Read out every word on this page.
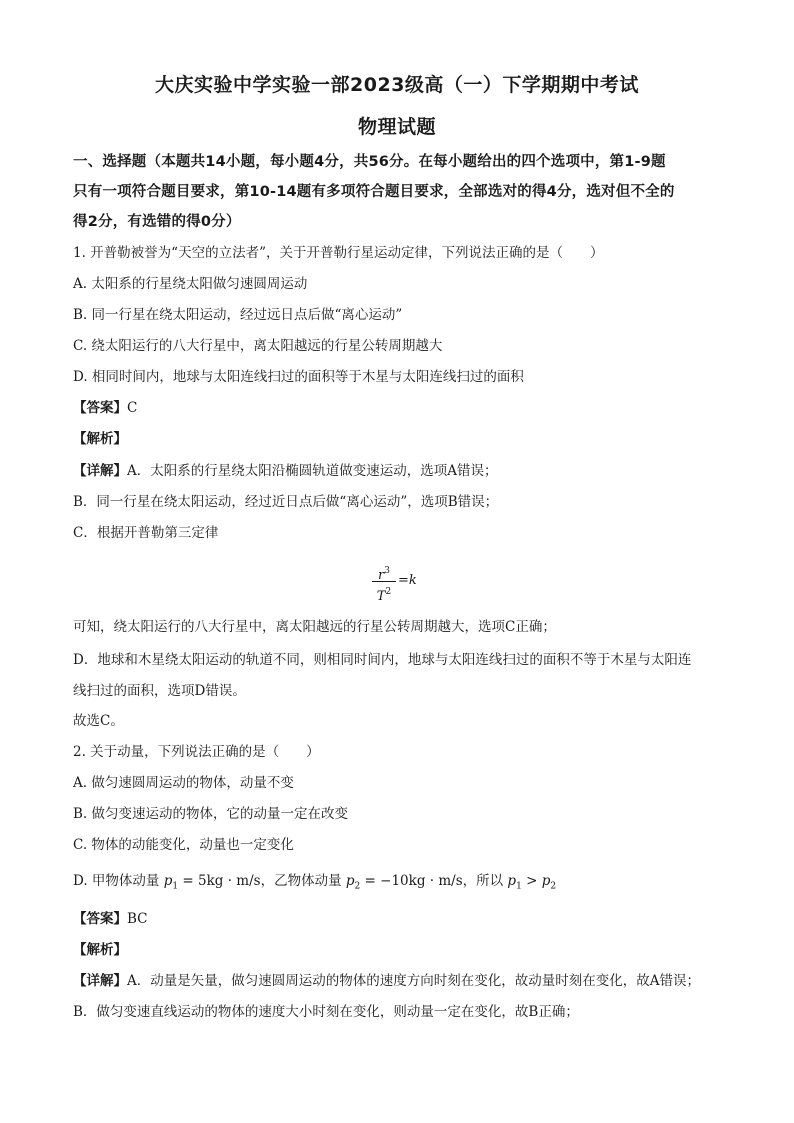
大庆实验中学实验一部2023级高（一）下学期期中考试
物理试题
一、选择题（本题共14小题，每小题4分，共56分。在每小题给出的四个选项中，第1-9题
只有一项符合题目要求，第10-14题有多项符合题目要求，全部选对的得4分，选对但不全的
得2分，有选错的得0分）
1. 开普勒被誉为“天空的立法者”，关于开普勒行星运动定律，下列说法正确的是（　　）
A. 太阳系的行星绕太阳做匀速圆周运动
B. 同一行星在绕太阳运动，经过远日点后做“离心运动”
C. 绕太阳运行的八大行星中，离太阳越远的行星公转周期越大
D. 相同时间内，地球与太阳连线扫过的面积等于木星与太阳连线扫过的面积
【答案】C
【解析】
【详解】A．太阳系的行星绕太阳沿椭圆轨道做变速运动，选项A错误；
B．同一行星在绕太阳运动，经过近日点后做“离心运动”，选项B错误；
C．根据开普勒第三定律
$r^3$
$T^2$
=k
可知，绕太阳运行的八大行星中，离太阳越远的行星公转周期越大，选项C正确；
D．地球和木星绕太阳运动的轨道不同，则相同时间内，地球与太阳连线扫过的面积不等于木星与太阳连
线扫过的面积，选项D错误。
故选C。
2. 关于动量，下列说法正确的是（　　）
A. 做匀速圆周运动的物体，动量不变
B. 做匀变速运动的物体，它的动量一定在改变
C. 物体的动能变化，动量也一定变化
D. 甲物体动量 $p_1 = 5kg \cdot m/s$，乙物体动量 $p_2 = -10kg \cdot m/s$，所以 $p_1 > p_2$
【答案】BC
【解析】
【详解】A．动量是矢量，做匀速圆周运动的物体的速度方向时刻在变化，故动量时刻在变化，故A错误；
B．做匀变速直线运动的物体的速度大小时刻在变化，则动量一定在变化，故B正确；
